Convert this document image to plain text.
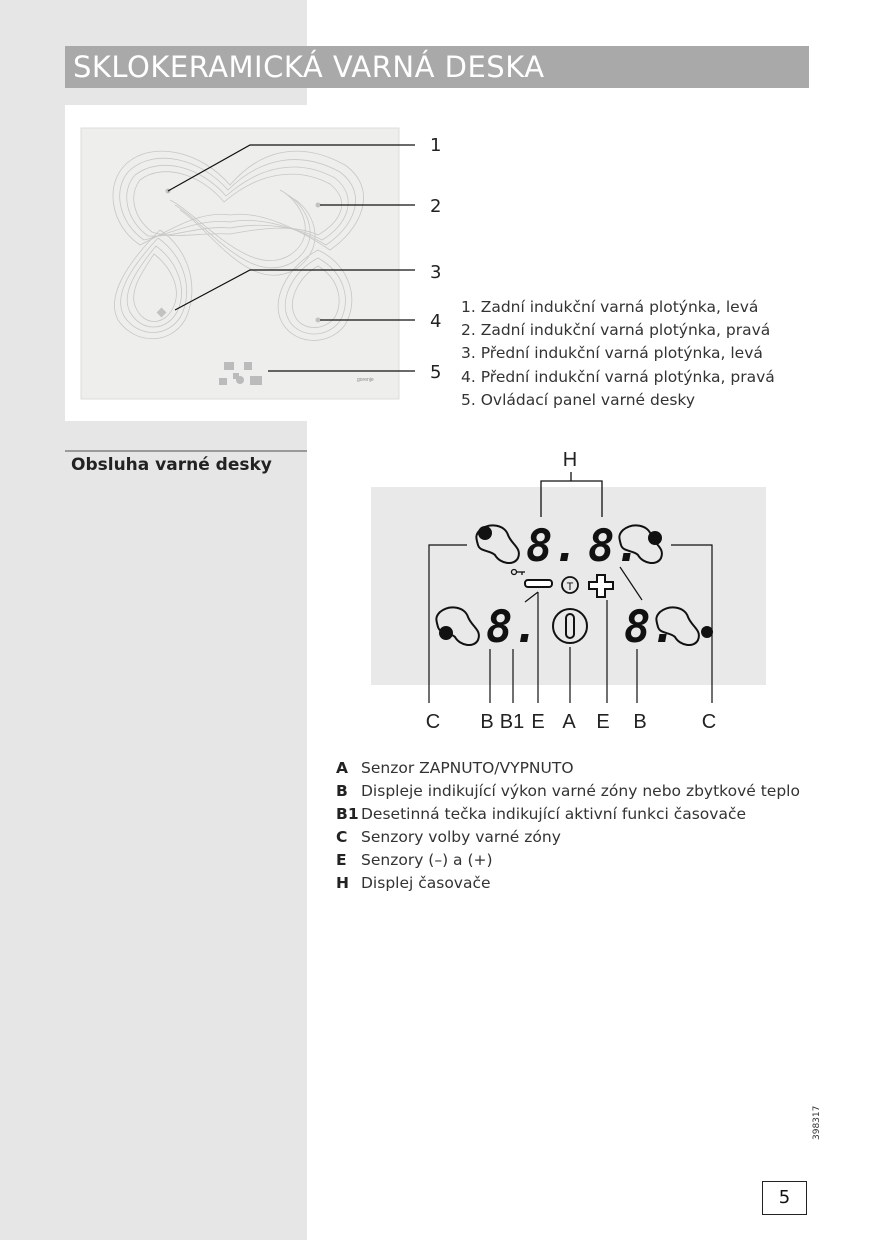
SKLOKERAMICKÁ VARNÁ DESKA
gorenje
1
2
3
4
5
1. Zadní indukční varná plotýnka, levá
2. Zadní indukční varná plotýnka, pravá
3. Přední indukční varná plotýnka, levá
4. Přední indukční varná plotýnka, pravá
5. Ovládací panel varné desky
Obsluha varné desky	H
8. 8.
8. 8.
T
C B B1 E A E B	C
A Senzor ZAPNUTO/VYPNUTO
B Displeje indikující výkon varné zóny nebo zbytkové teplo
B1 Desetinná tečka indikující aktivní funkci časovače
C Senzory volby varné zóny
E Senzory (–) a (+)
H Displej časovače
398317
5
